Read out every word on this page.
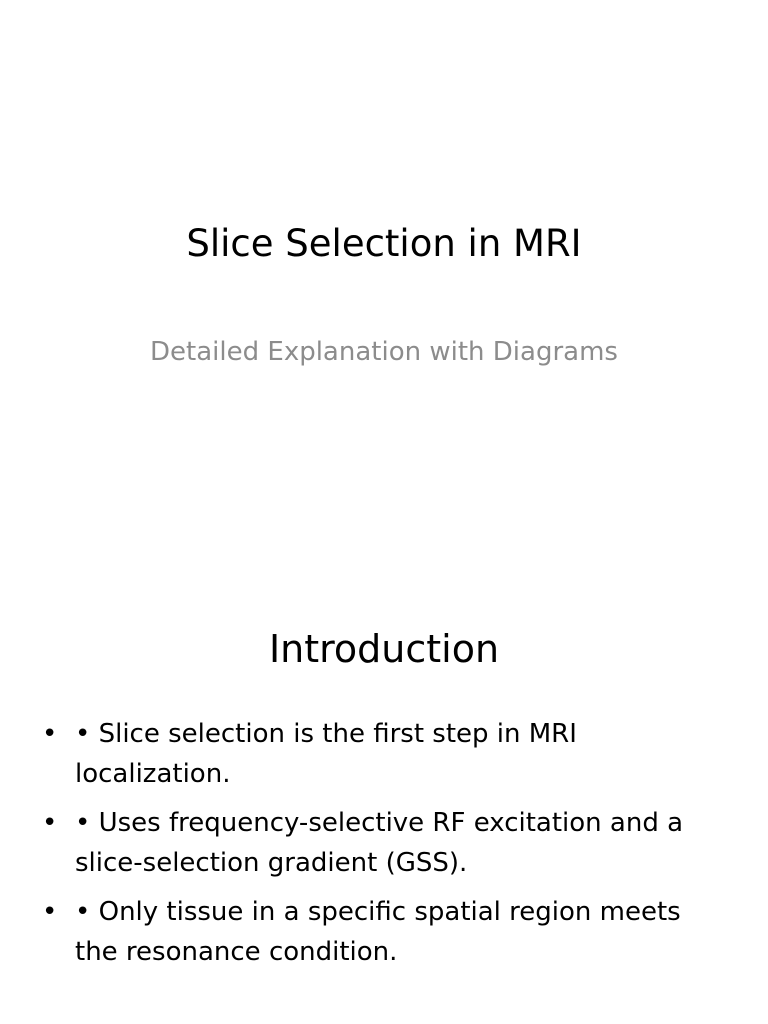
Slice Selection in MRI

Detailed Explanation with Diagrams

Introduction
• • Slice selection is the first step in MRI localization.
• • Uses frequency-selective RF excitation and a slice-selection gradient (GSS).
• • Only tissue in a specific spatial region meets the resonance condition.
